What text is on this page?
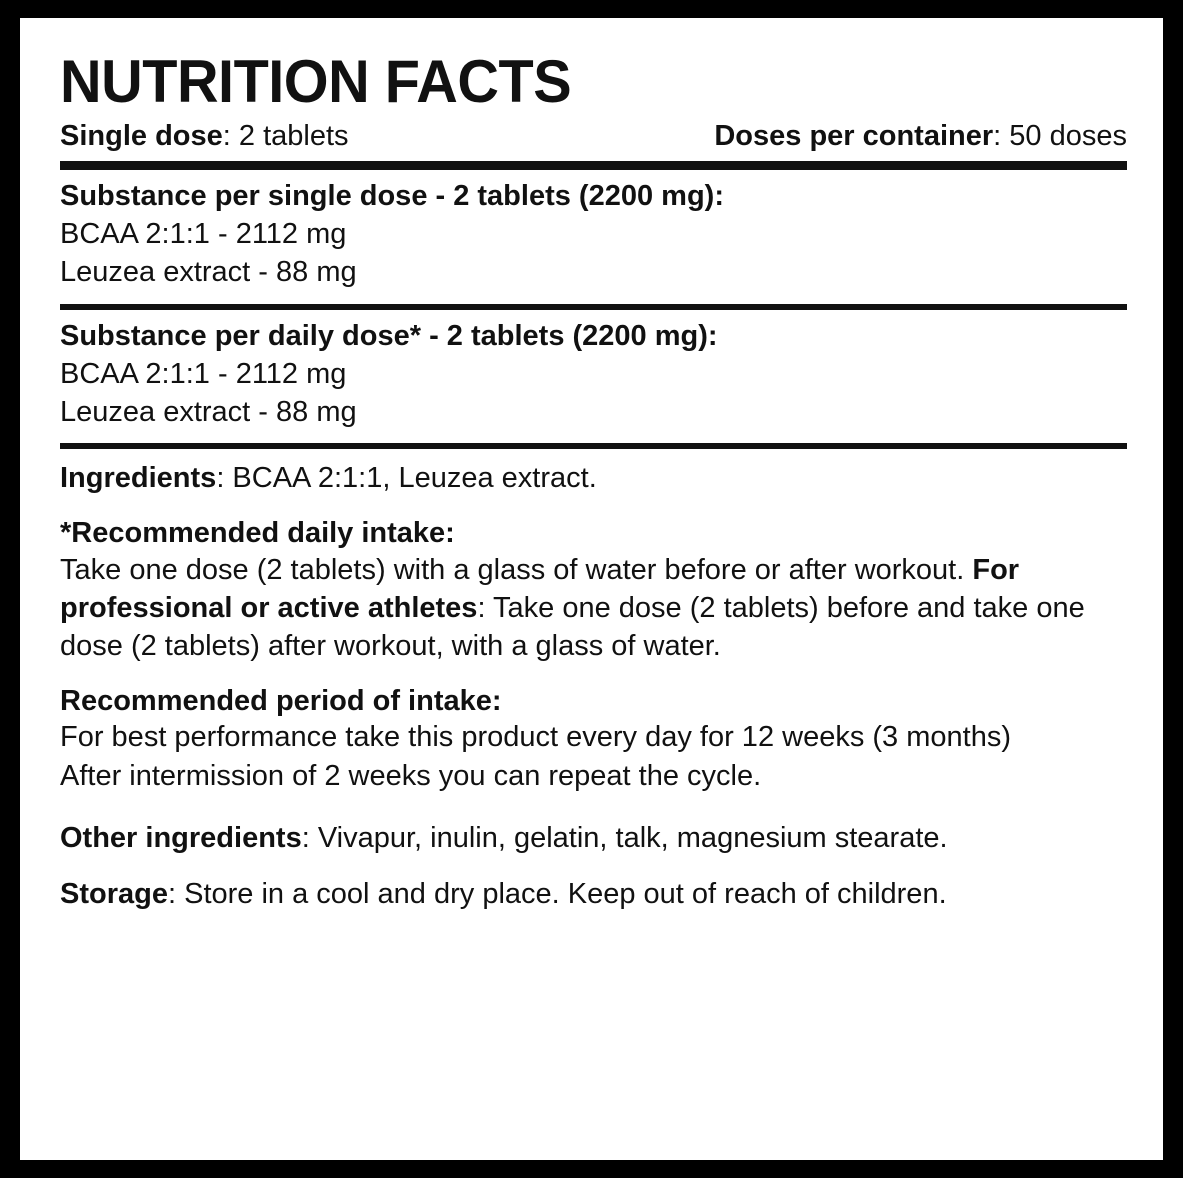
NUTRITION FACTS
Single dose: 2 tablets	Doses per container: 50 doses
Substance per single dose - 2 tablets (2200 mg):
BCAA 2:1:1 - 2112 mg
Leuzea extract - 88 mg
Substance per daily dose* - 2 tablets (2200 mg):
BCAA 2:1:1 - 2112 mg
Leuzea extract - 88 mg
Ingredients: BCAA 2:1:1, Leuzea extract.
*Recommended daily intake:
Take one dose (2 tablets) with a glass of water before or after workout. For professional or active athletes: Take one dose (2 tablets) before and take one dose (2 tablets) after workout, with a glass of water.
Recommended period of intake:
For best performance take this product every day for 12 weeks (3 months)
After intermission of 2 weeks you can repeat the cycle.
Other ingredients: Vivapur, inulin, gelatin, talk, magnesium stearate.
Storage: Store in a cool and dry place. Keep out of reach of children.
